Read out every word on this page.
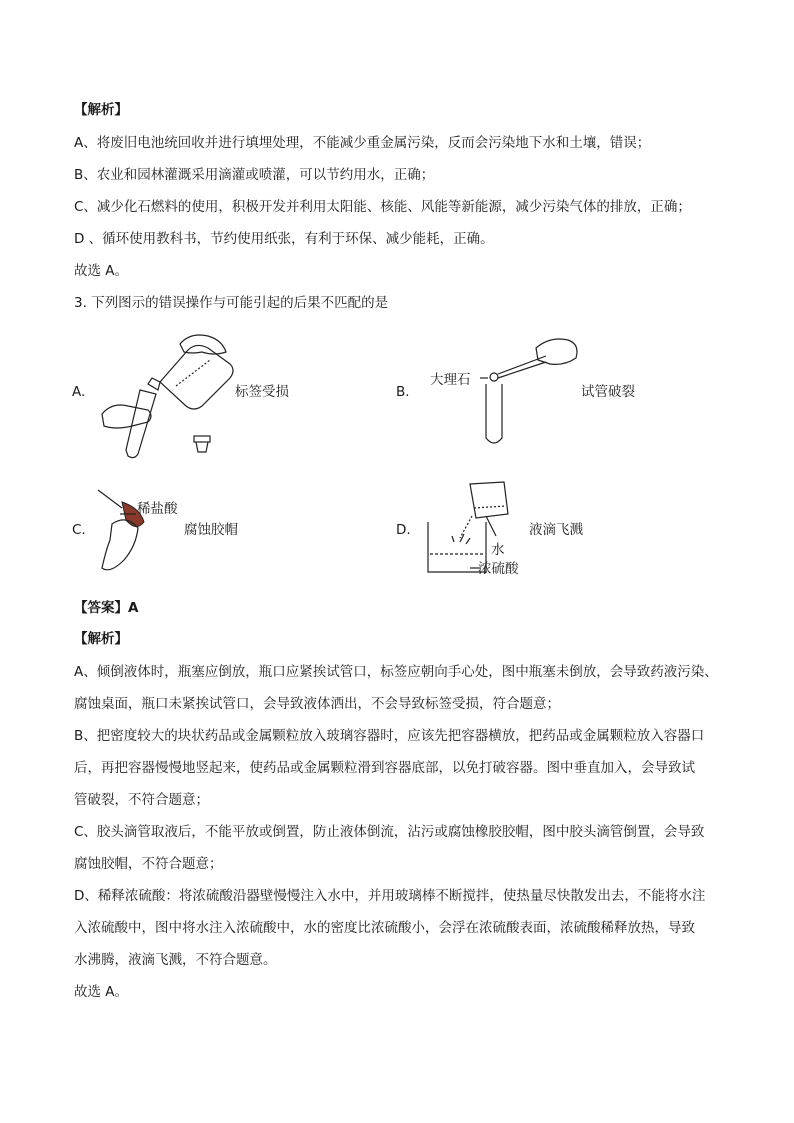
【解析】
A、将废旧电池统回收并进行填埋处理，不能减少重金属污染，反而会污染地下水和土壤，错误；
B、农业和园林灌溉采用滴灌或喷灌，可以节约用水，正确；
C、减少化石燃料的使用，积极开发并利用太阳能、核能、风能等新能源，减少污染气体的排放，正确；
D 、循环使用教科书，节约使用纸张，有利于环保、减少能耗，正确。
故选 A。
3. 下列图示的错误操作与可能引起的后果不匹配的是
A.	标签受损	B.
大理石
试管破裂
C.
稀盐酸
腐蚀胶帽	D.
水
浓硫酸
液滴飞溅
【答案】A
【解析】
A、倾倒液体时，瓶塞应倒放，瓶口应紧挨试管口，标签应朝向手心处，图中瓶塞未倒放，会导致药液污染、
腐蚀桌面，瓶口未紧挨试管口，会导致液体洒出，不会导致标签受损，符合题意；
B、把密度较大的块状药品或金属颗粒放入玻璃容器时，应该先把容器横放，把药品或金属颗粒放入容器口
后，再把容器慢慢地竖起来，使药品或金属颗粒滑到容器底部，以免打破容器。图中垂直加入，会导致试
管破裂，不符合题意；
C、胶头滴管取液后，不能平放或倒置，防止液体倒流，沾污或腐蚀橡胶胶帽，图中胶头滴管倒置，会导致
腐蚀胶帽，不符合题意；
D、稀释浓硫酸：将浓硫酸沿器壁慢慢注入水中，并用玻璃棒不断搅拌，使热量尽快散发出去，不能将水注
入浓硫酸中，图中将水注入浓硫酸中，水的密度比浓硫酸小，会浮在浓硫酸表面，浓硫酸稀释放热，导致
水沸腾，液滴飞溅，不符合题意。
故选 A。
